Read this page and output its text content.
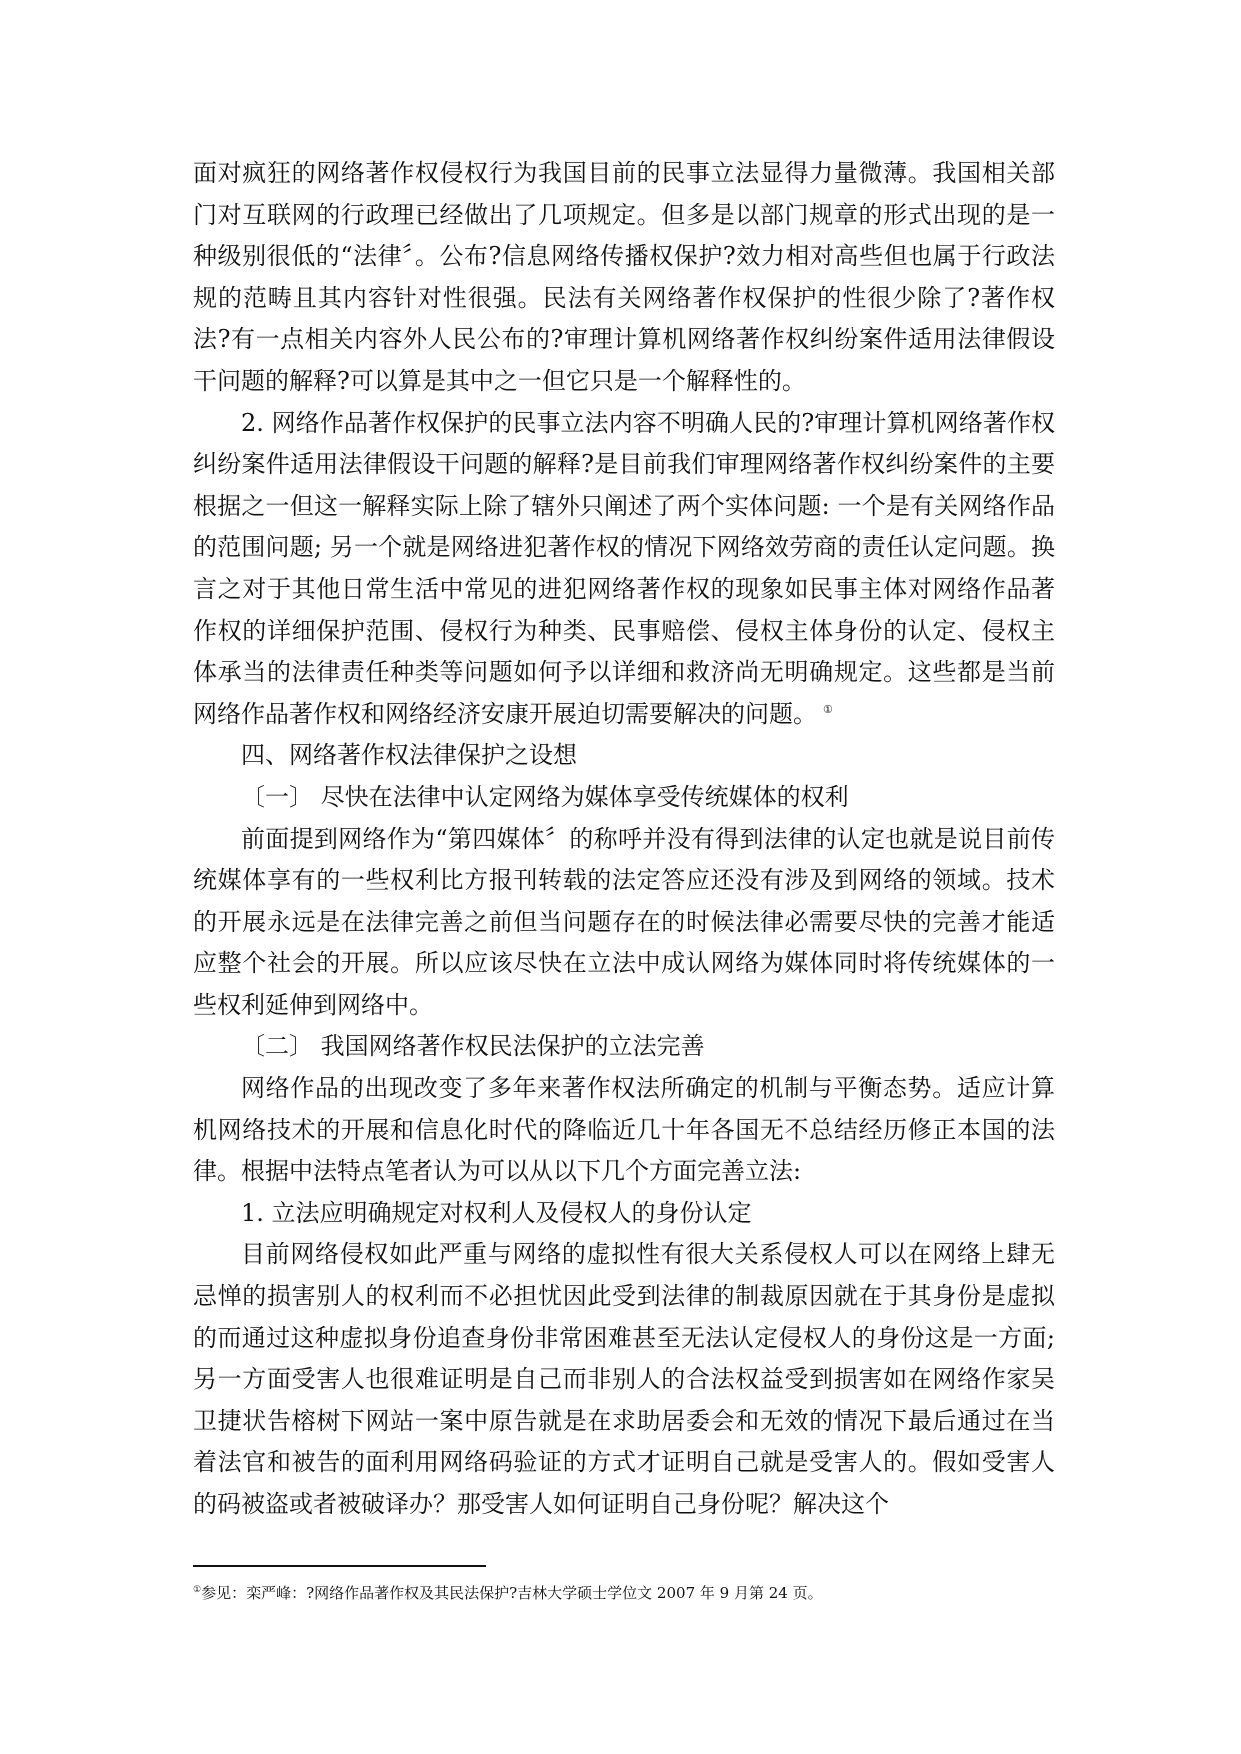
面对疯狂的网络著作权侵权行为我国目前的民事立法显得力量微薄。我国相关部门对互联网的行政理已经做出了几项规定。但多是以部门规章的形式出现的是一种级别很低的“法律〞。公布?信息网络传播权保护?效力相对高些但也属于行政法规的范畴且其内容针对性很强。民法有关网络著作权保护的性很少除了?著作权法?有一点相关内容外人民公布的?审理计算机网络著作权纠纷案件适用法律假设干问题的解释?可以算是其中之一但它只是一个解释性的。

2. 网络作品著作权保护的民事立法内容不明确人民的?审理计算机网络著作权纠纷案件适用法律假设干问题的解释?是目前我们审理网络著作权纠纷案件的主要根据之一但这一解释实际上除了辖外只阐述了两个实体问题: 一个是有关网络作品的范围问题; 另一个就是网络进犯著作权的情况下网络效劳商的责任认定问题。换言之对于其他日常生活中常见的进犯网络著作权的现象如民事主体对网络作品著作权的详细保护范围、侵权行为种类、民事赔偿、侵权主体身份的认定、侵权主体承当的法律责任种类等问题如何予以详细和救济尚无明确规定。这些都是当前网络作品著作权和网络经济安康开展迫切需要解决的问题。 ①

四、网络著作权法律保护之设想

〔一〕 尽快在法律中认定网络为媒体享受传统媒体的权利

前面提到网络作为“第四媒体〞的称呼并没有得到法律的认定也就是说目前传统媒体享有的一些权利比方报刊转载的法定答应还没有涉及到网络的领域。技术的开展永远是在法律完善之前但当问题存在的时候法律必需要尽快的完善才能适应整个社会的开展。所以应该尽快在立法中成认网络为媒体同时将传统媒体的一些权利延伸到网络中。

〔二〕 我国网络著作权民法保护的立法完善

网络作品的出现改变了多年来著作权法所确定的机制与平衡态势。适应计算机网络技术的开展和信息化时代的降临近几十年各国无不总结经历修正本国的法律。根据中法特点笔者认为可以从以下几个方面完善立法:

1. 立法应明确规定对权利人及侵权人的身份认定

目前网络侵权如此严重与网络的虚拟性有很大关系侵权人可以在网络上肆无忌惮的损害别人的权利而不必担忧因此受到法律的制裁原因就在于其身份是虚拟的而通过这种虚拟身份追查身份非常困难甚至无法认定侵权人的身份这是一方面; 另一方面受害人也很难证明是自己而非别人的合法权益受到损害如在网络作家吴卫捷状告榕树下网站一案中原告就是在求助居委会和无效的情况下最后通过在当着法官和被告的面利用网络码验证的方式才证明自己就是受害人的。假如受害人的码被盗或者被破译办？那受害人如何证明自己身份呢？解决这个

①参见：栾严峰：?网络作品著作权及其民法保护?吉林大学硕士学位文 2007 年 9 月第 24 页。
